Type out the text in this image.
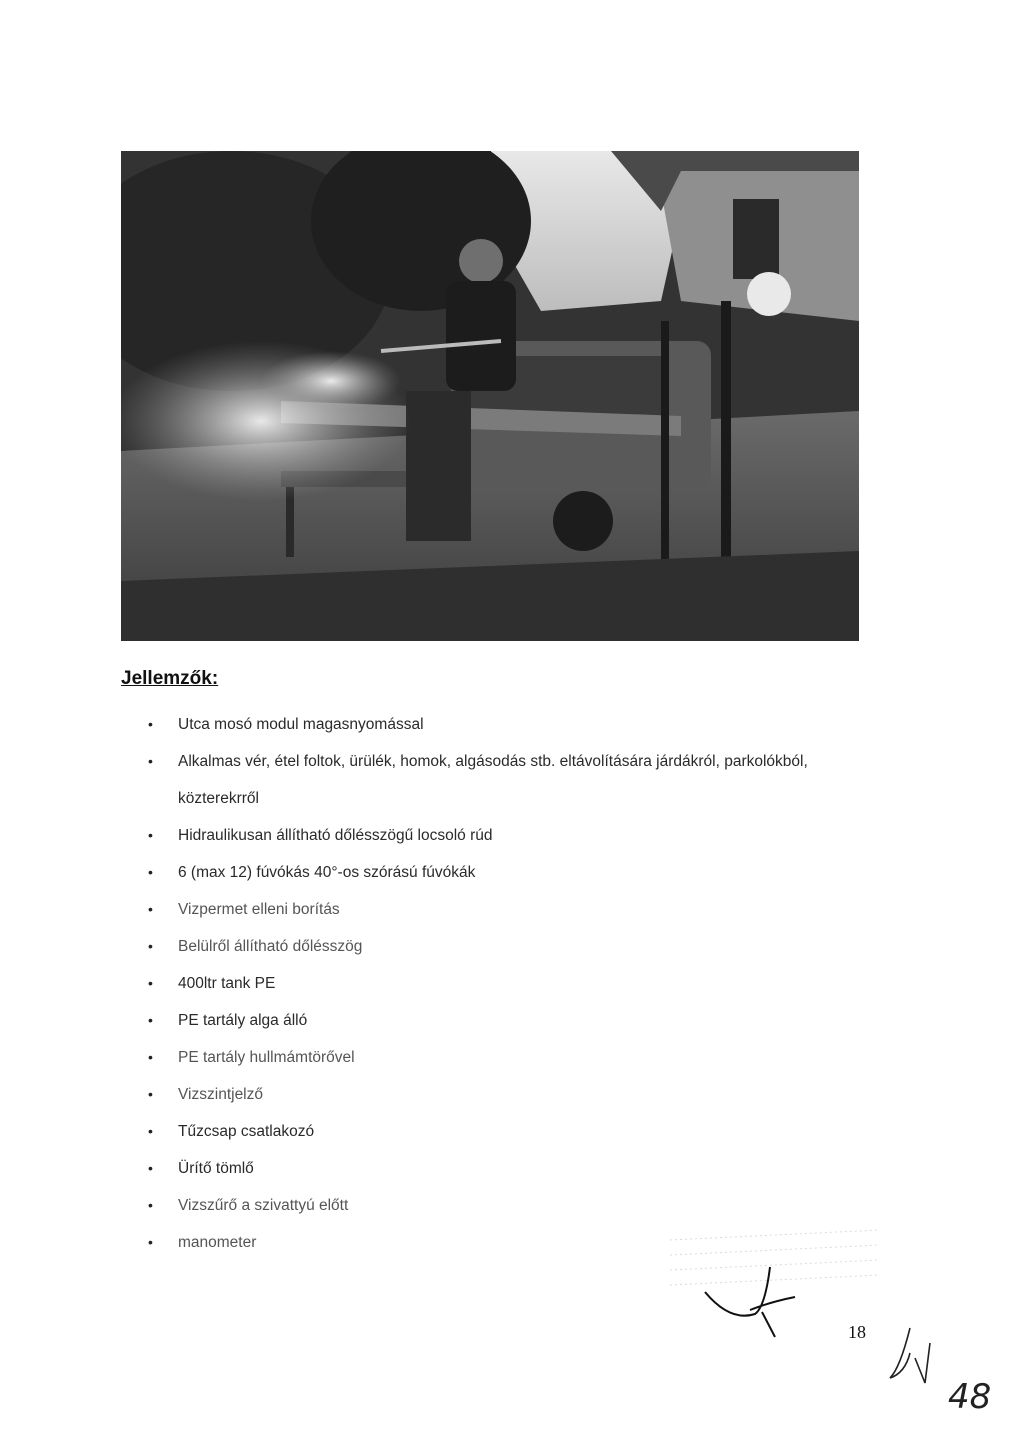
Jellemzők:
• Utca mosó modul magasnyomással
• Alkalmas vér, étel foltok, ürülék, homok, algásodás stb. eltávolítására járdákról, parkolókból, közterekrről
• Hidraulikusan állítható dőlésszögű locsoló rúd
• 6 (max 12) fúvókás 40°-os szórású fúvókák
• Vizpermet elleni borítás
• Belülről állítható dőlésszög
• 400ltr tank PE
• PE tartály alga álló
• PE tartály hullmámtörővel
• Vizszintjelző
• Tűzcsap csatlakozó
• Ürítő tömlő
• Vizszűrő a szivattyú előtt
• manometer
18
48
